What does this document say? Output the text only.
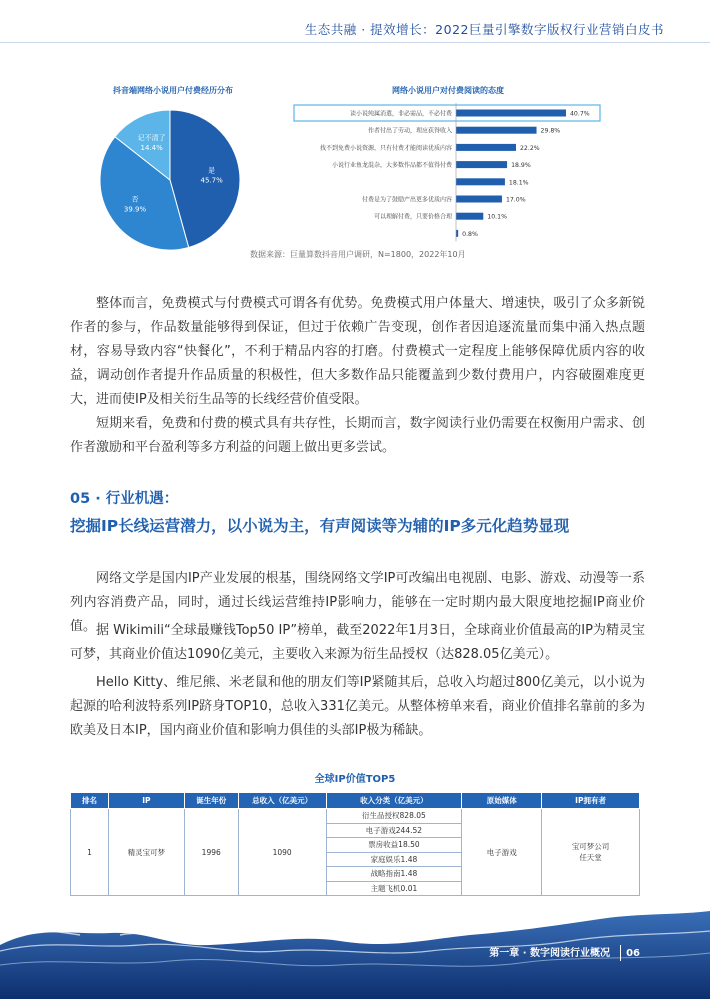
生态共融 · 提效增长：2022巨量引擎数字版权行业营销白皮书
抖音端网络小说用户付费经历分布	网络小说用户对付费阅读的态度
是
45.7%
否
39.9%
记不清了
14.4%
读小说纯属消遣，非必需品，不必付费	40.7%
作者付出了劳动，理应获得收入	29.8%
找不到免费小说资源，只有付费才能阅读优质内容	22.2%
小说行业鱼龙混杂，大多数作品都不值得付费	18.9%
18.1%
付费是为了鼓励产出更多优质内容	17.0%
可以理解付费，只要价格合理	10.1%
0.8%
数据来源：巨量算数抖音用户调研，N=1800，2022年10月

整体而言，免费模式与付费模式可谓各有优势。免费模式用户体量大、增速快，吸引了众多新锐作者的参与，作品数量能够得到保证，但过于依赖广告变现，创作者因追逐流量而集中涌入热点题材，容易导致内容“快餐化”，不利于精品内容的打磨。付费模式一定程度上能够保障优质内容的收益，调动创作者提升作品质量的积极性，但大多数作品只能覆盖到少数付费用户，内容破圈难度更大，进而使IP及相关衍生品等的长线经营价值受限。

短期来看，免费和付费的模式具有共存性，长期而言，数字阅读行业仍需要在权衡用户需求、创作者激励和平台盈利等多方利益的问题上做出更多尝试。

05 · 行业机遇：
挖掘IP长线运营潜力，以小说为主，有声阅读等为辅的IP多元化趋势显现

网络文学是国内IP产业发展的根基，围绕网络文学IP可改编出电视剧、电影、游戏、动漫等一系列内容消费产品，同时，通过长线运营维持IP影响力，能够在一定时期内最大限度地挖掘IP商业价值。 据 Wikimili“全球最赚钱Top50 IP”榜单，截至2022年1月3日，全球商业价值最高的IP为精灵宝可梦，其商业价值达1090亿美元，主要收入来源为衍生品授权（达828.05亿美元）。

Hello Kitty、维尼熊、米老鼠和他的朋友们等IP紧随其后，总收入均超过800亿美元，以小说为起源的哈利波特系列IP跻身TOP10，总收入331亿美元。从整体榜单来看，商业价值排名靠前的多为欧美及日本IP，国内商业价值和影响力俱佳的头部IP极为稀缺。

全球IP价值TOP5
排名	IP	诞生年份	总收入（亿美元）	收入分类（亿美元）	原始媒体	IP拥有者
1	精灵宝可梦	1996	1090	衍生品授权828.05	电子游戏	宝可梦公司
任天堂

				电子游戏244.52		
				票房收益18.50		
				家庭娱乐1.48		
				战略指南1.48		
				主题飞机0.01		
第一章 · 数字阅读行业概况 06
